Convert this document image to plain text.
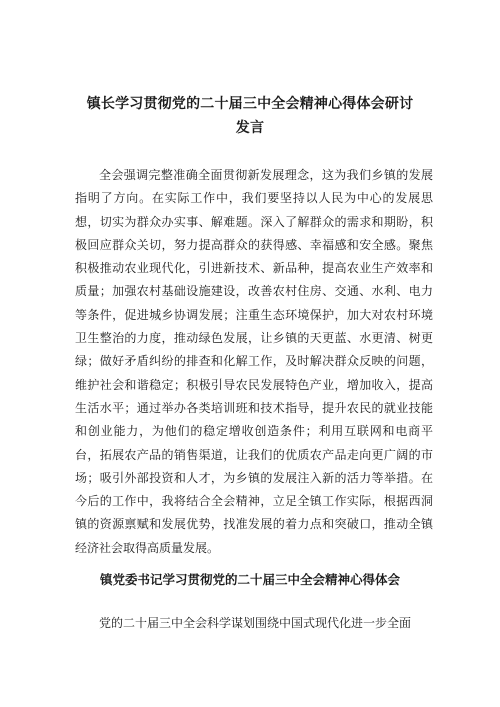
镇长学习贯彻党的二十届三中全会精神心得体会研讨
发言

全会强调完整准确全面贯彻新发展理念，这为我们乡镇的发展指明了方向。在实际工作中，我们要坚持以人民为中心的发展思想，切实为群众办实事、解难题。深入了解群众的需求和期盼，积极回应群众关切，努力提高群众的获得感、幸福感和安全感。聚焦积极推动农业现代化，引进新技术、新品种，提高农业生产效率和质量；加强农村基础设施建设，改善农村住房、交通、水利、电力等条件，促进城乡协调发展；注重生态环境保护，加大对农村环境卫生整治的力度，推动绿色发展，让乡镇的天更蓝、水更清、树更绿；做好矛盾纠纷的排查和化解工作，及时解决群众反映的问题，维护社会和谐稳定；积极引导农民发展特色产业，增加收入，提高生活水平；通过举办各类培训班和技术指导，提升农民的就业技能和创业能力，为他们的稳定增收创造条件；利用互联网和电商平台，拓展农产品的销售渠道，让我们的优质农产品走向更广阔的市场；吸引外部投资和人才，为乡镇的发展注入新的活力等举措。在今后的工作中，我将结合全会精神，立足全镇工作实际，根据西洞镇的资源禀赋和发展优势，找准发展的着力点和突破口，推动全镇经济社会取得高质量发展。

镇党委书记学习贯彻党的二十届三中全会精神心得体会

党的二十届三中全会科学谋划围绕中国式现代化进一步全面
